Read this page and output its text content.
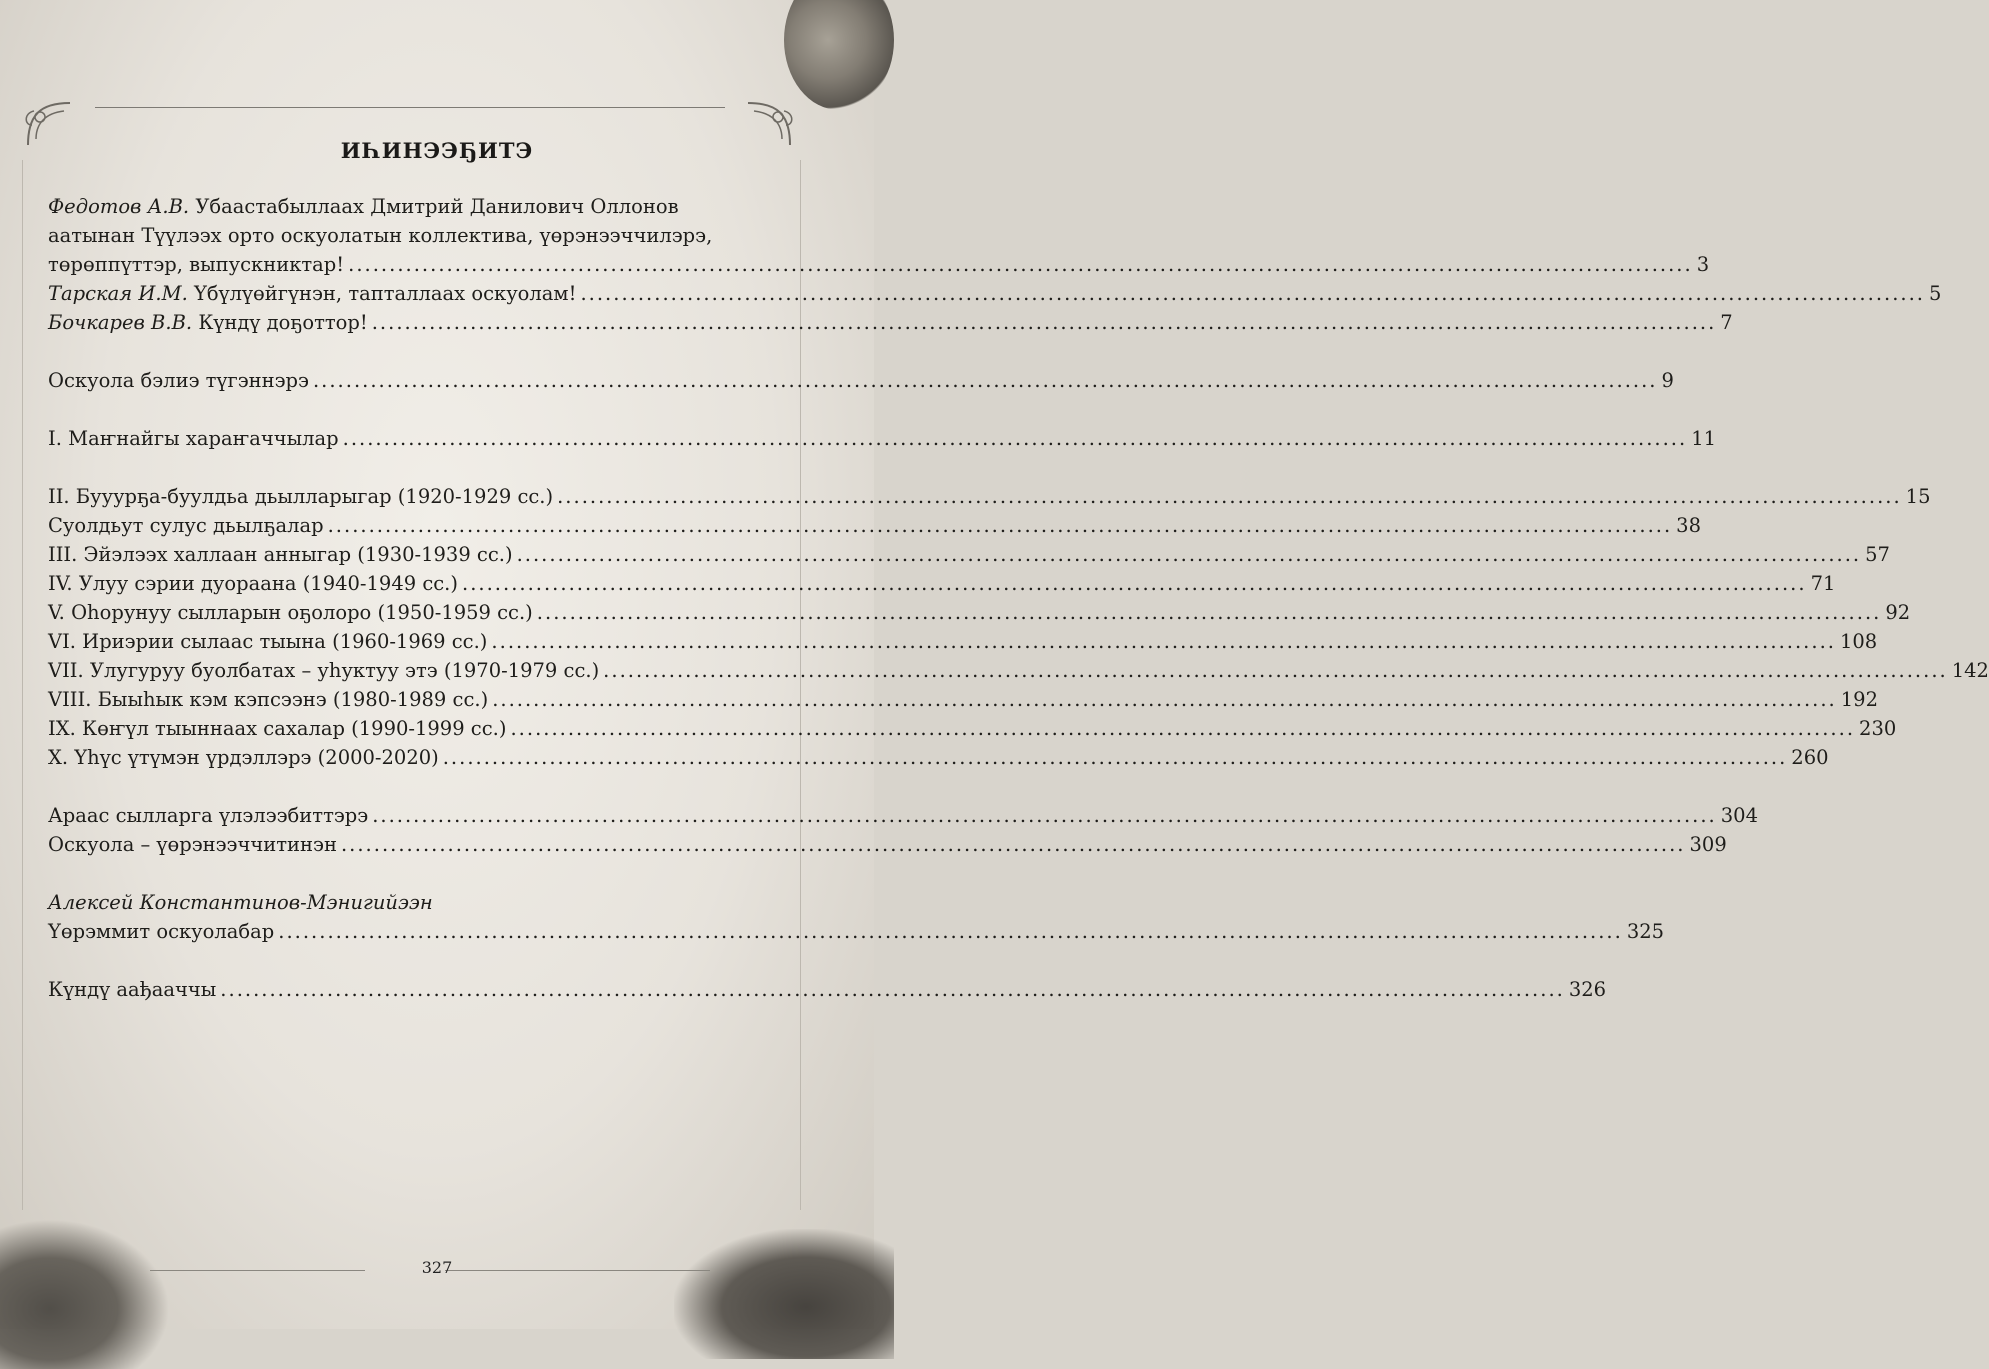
ИҺИНЭЭҔИТЭ
Федотов А.В. Убаастабыллаах Дмитрий Данилович Оллонов
аатынан Түүлээх орто оскуолатын коллектива, үөрэнээччилэрэ,
төрөппүттэр, выпускниктар! .....	3
Тарская И.М. Үбүлүөйгүнэн, тапталлаах оскуолам! .....	5
Бочкарев В.В. Күндү доҕоттор! .....	7
Оскуола бэлиэ түгэннэрэ .....	9
I. Маҥнайгы хараҥаччылар .....	11
II. Бууурҕа-буулдьа дьылларыгар (1920-1929 сс.) .....	15
Суолдьут сулус дьылҕалар .....	38
III. Эйэлээх халлаан анныгар (1930-1939 сс.) .....	57
IV. Улуу сэрии дуораана (1940-1949 сс.) .....	71
V. Оһорунуу сылларын оҕолоро (1950-1959 сс.) .....	92
VI. Ириэрии сылаас тыына (1960-1969 сс.) .....	108
VII. Улугуруу буолбатах – уһуктуу этэ (1970-1979 сс.) .....	142
VIII. Быыһык кэм кэпсээнэ (1980-1989 сс.) .....	192
IX. Көҥүл тыыннаах сахалар (1990-1999 сс.) .....	230
X. Үһүс үтүмэн үрдэллэрэ (2000-2020) .....	260
Араас сылларга үлэлээбиттэрэ .....	304
Оскуола – үөрэнээччитинэн .....	309
Алексей Константинов-Мэнигийээн
Үөрэммит оскуолабар .....	325
Күндү аађааччы .....	326
327
